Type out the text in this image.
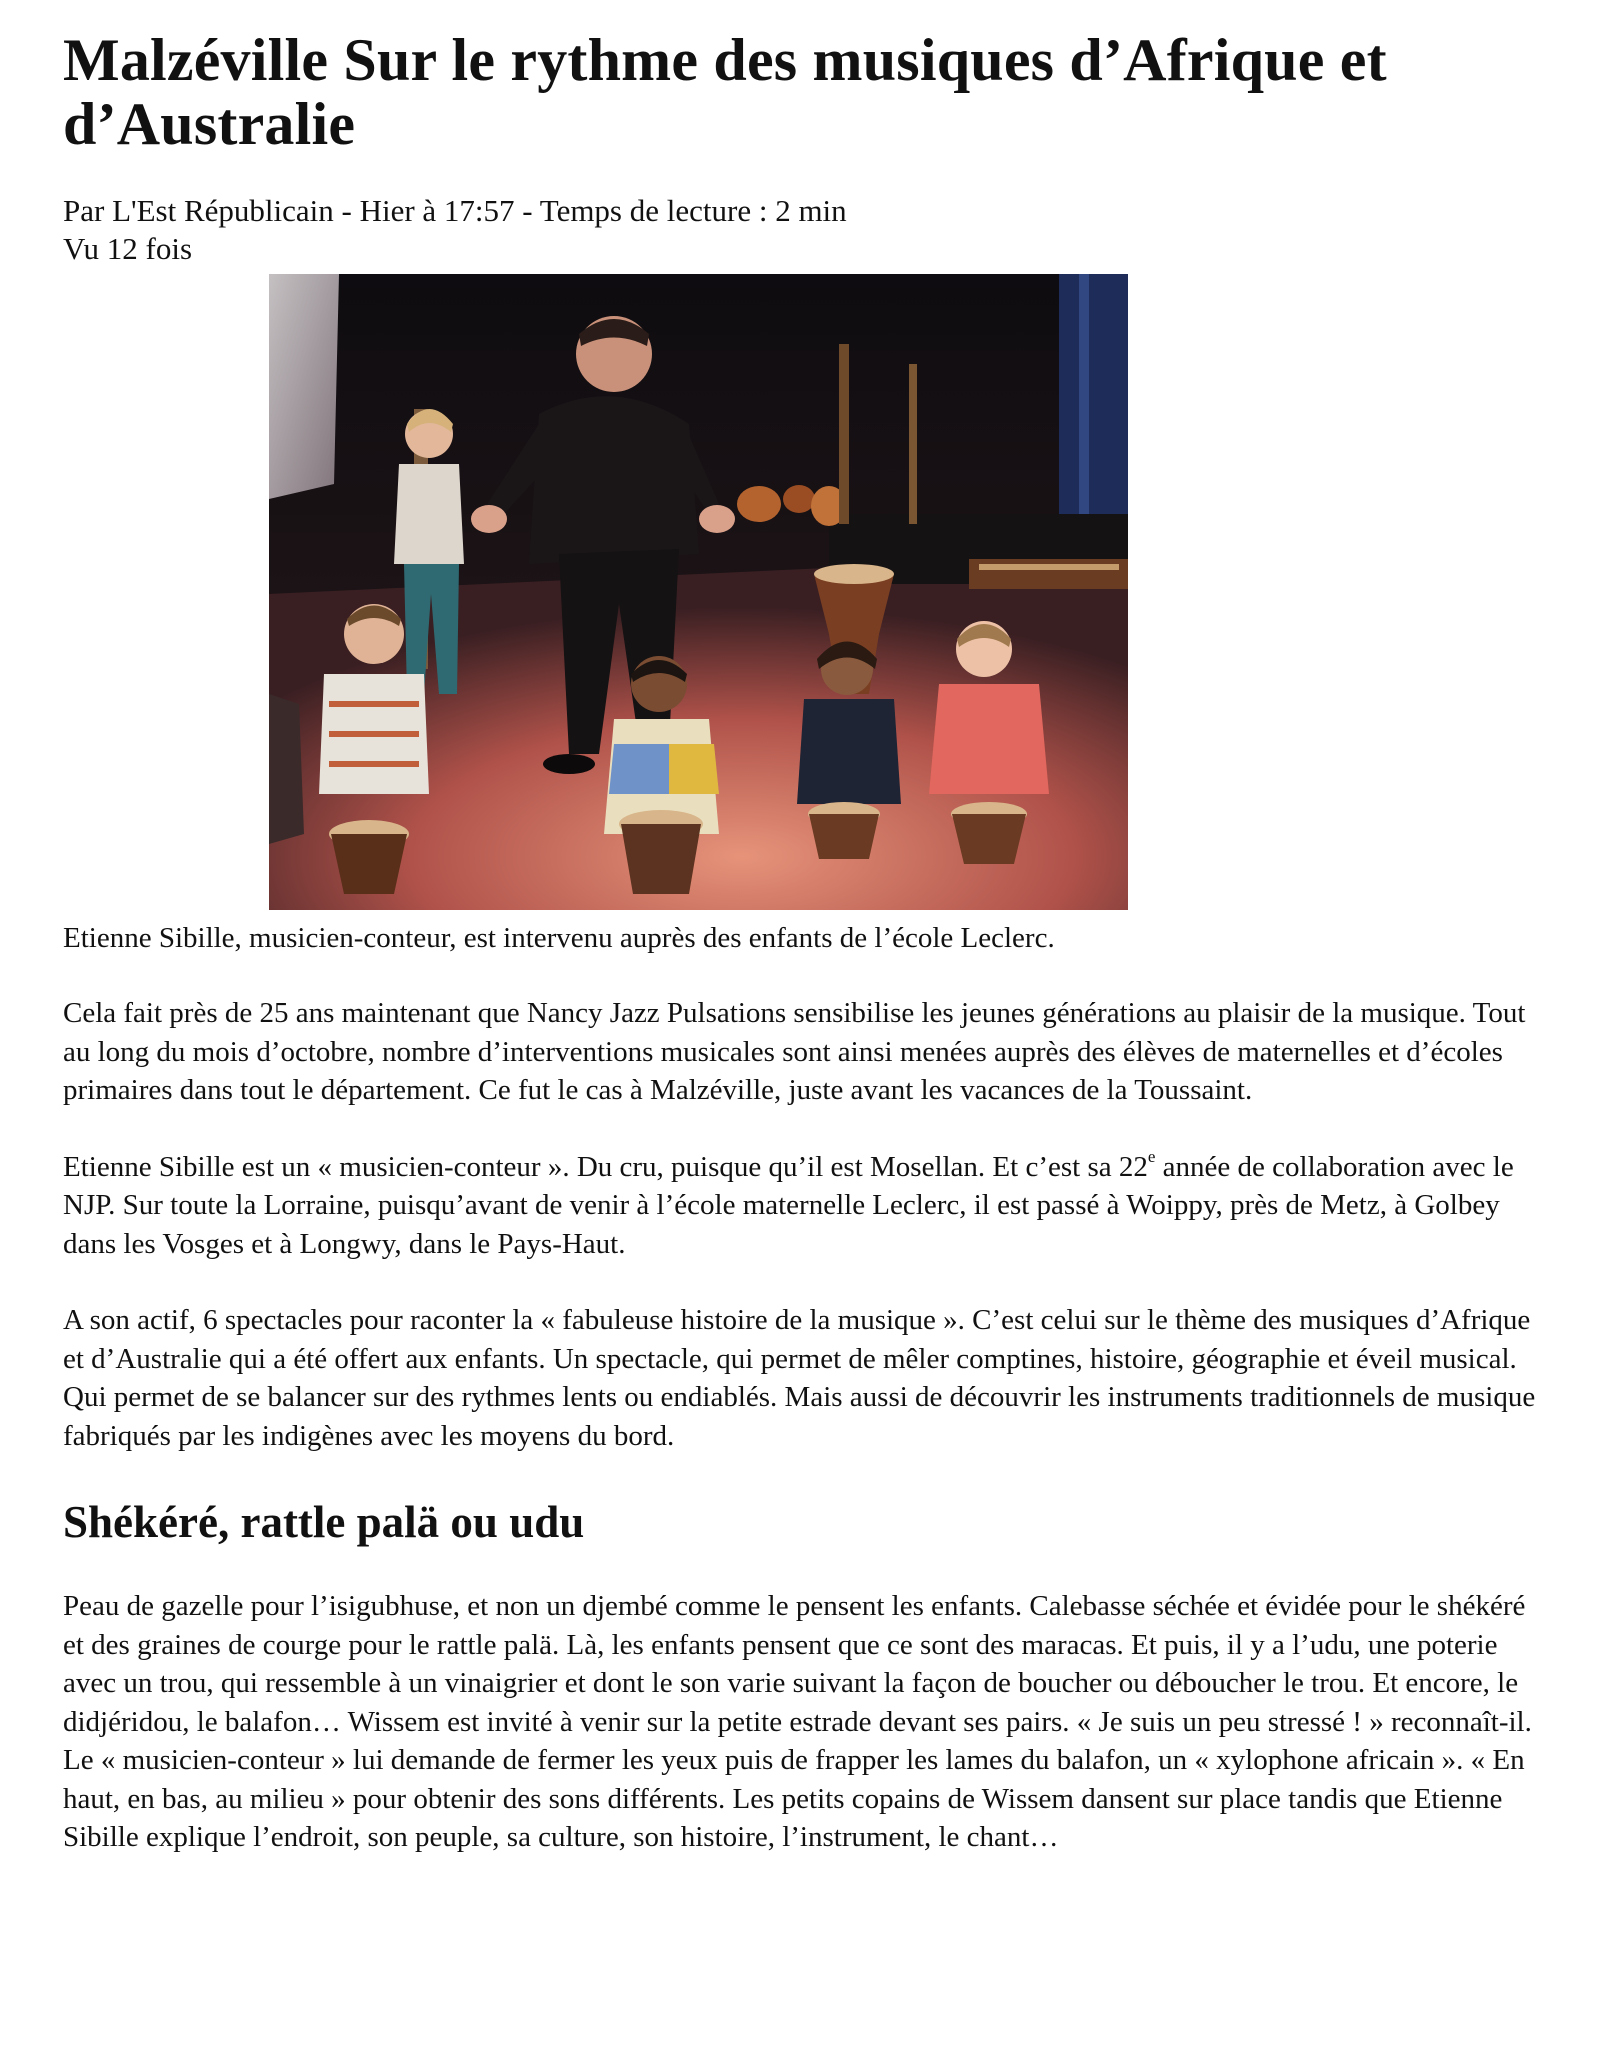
Malzéville Sur le rythme des musiques d’Afrique et d’Australie
Par L'Est Républicain - Hier à 17:57 - Temps de lecture : 2 min
Vu 12 fois
Etienne Sibille, musicien-conteur, est intervenu auprès des enfants de l’école Leclerc.

Cela fait près de 25 ans maintenant que Nancy Jazz Pulsations sensibilise les jeunes générations au plaisir de la musique. Tout au long du mois d’octobre, nombre d’interventions musicales sont ainsi menées auprès des élèves de maternelles et d’écoles primaires dans tout le département. Ce fut le cas à Malzéville, juste avant les vacances de la Toussaint.

Etienne Sibille est un « musicien-conteur ». Du cru, puisque qu’il est Mosellan. Et c’est sa 22e année de collaboration avec le NJP. Sur toute la Lorraine, puisqu’avant de venir à l’école maternelle Leclerc, il est passé à Woippy, près de Metz, à Golbey dans les Vosges et à Longwy, dans le Pays-Haut.

A son actif, 6 spectacles pour raconter la « fabuleuse histoire de la musique ». C’est celui sur le thème des musiques d’Afrique et d’Australie qui a été offert aux enfants. Un spectacle, qui permet de mêler comptines, histoire, géographie et éveil musical. Qui permet de se balancer sur des rythmes lents ou endiablés. Mais aussi de découvrir les instruments traditionnels de musique fabriqués par les indigènes avec les moyens du bord.

Shékéré, rattle palä ou udu

Peau de gazelle pour l’isigubhuse, et non un djembé comme le pensent les enfants. Calebasse séchée et évidée pour le shékéré et des graines de courge pour le rattle palä. Là, les enfants pensent que ce sont des maracas. Et puis, il y a l’udu, une poterie avec un trou, qui ressemble à un vinaigrier et dont le son varie suivant la façon de boucher ou déboucher le trou. Et encore, le didjéridou, le balafon… Wissem est invité à venir sur la petite estrade devant ses pairs. « Je suis un peu stressé ! » reconnaît-il. Le « musicien-conteur » lui demande de fermer les yeux puis de frapper les lames du balafon, un « xylophone africain ». « En haut, en bas, au milieu » pour obtenir des sons différents. Les petits copains de Wissem dansent sur place tandis que Etienne Sibille explique l’endroit, son peuple, sa culture, son histoire, l’instrument, le chant…
